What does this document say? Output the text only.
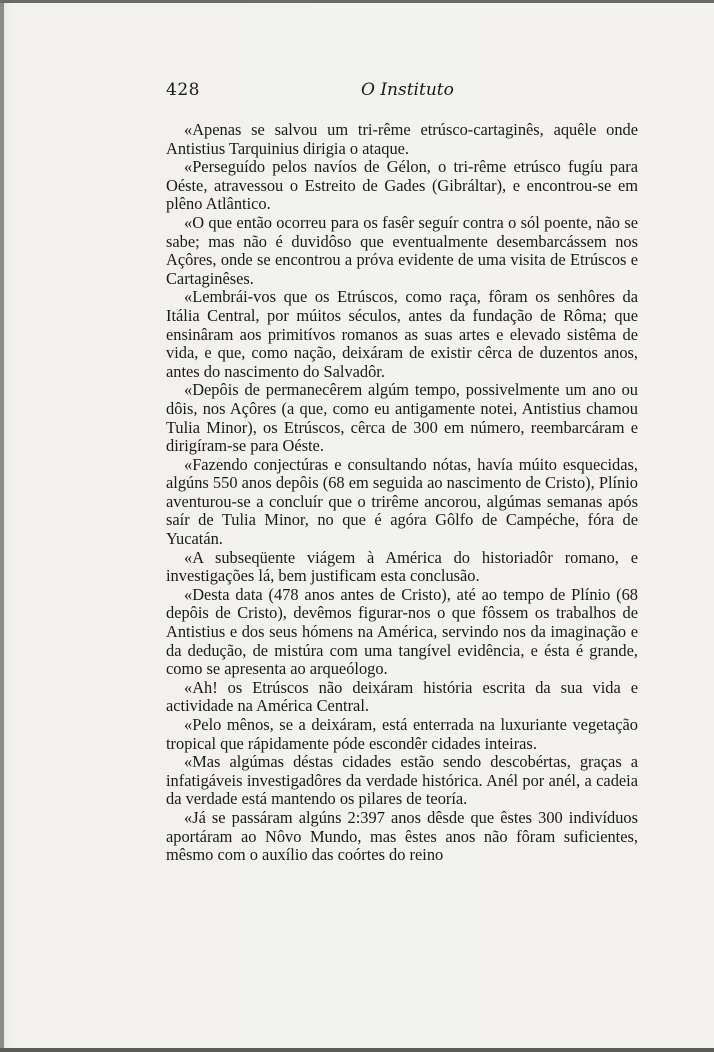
428	O Instituto

«Apenas se salvou um tri-rême etrúsco-cartaginês, aquêle onde Antistius Tarquinius dirigia o ataque.

«Perseguído pelos navíos de Gélon, o tri-rême etrúsco fugíu para Oéste, atravessou o Estreito de Gades (Gibráltar), e encontrou-se em plêno Atlântico.

«O que então ocorreu para os fasêr seguír contra o sól poente, não se sabe; mas não é duvidôso que eventualmente desembarcássem nos Açôres, onde se encontrou a próva evidente de uma visita de Etrúscos e Cartaginêses.

«Lembrái-vos que os Etrúscos, como raça, fôram os senhôres da Itália Central, por múitos séculos, antes da fundação de Rôma; que ensinâram aos primitívos romanos as suas artes e elevado sistêma de vida, e que, como nação, deixáram de existir cêrca de duzentos anos, antes do nascimento do Salvadôr.

«Depôis de permanecêrem algúm tempo, possivelmente um ano ou dôis, nos Açôres (a que, como eu antigamente notei, Antistius chamou Tulia Minor), os Etrúscos, cêrca de 300 em número, reembarcáram e dirigíram-se para Oéste.

«Fazendo conjectúras e consultando nótas, havía múito esquecidas, algúns 550 anos depôis (68 em seguida ao nascimento de Cristo), Plínio aventurou-se a concluír que o trirême ancorou, algúmas semanas após saír de Tulia Minor, no que é agóra Gôlfo de Campéche, fóra de Yucatán.

«A subseqüente viágem à América do historiadôr romano, e investigações lá, bem justificam esta conclusão.

«Desta data (478 anos antes de Cristo), até ao tempo de Plínio (68 depôis de Cristo), devêmos figurar-nos o que fôssem os trabalhos de Antistius e dos seus hómens na América, servindo nos da imaginação e da dedução, de mistúra com uma tangível evidência, e ésta é grande, como se apresenta ao arqueólogo.

«Ah! os Etrúscos não deixáram história escrita da sua vida e actividade na América Central.

«Pelo mênos, se a deixáram, está enterrada na luxuriante vegetação tropical que rápidamente póde escondêr cidades inteiras.

«Mas algúmas déstas cidades estão sendo descobértas, graças a infatigáveis investigadôres da verdade histórica. Anél por anél, a cadeia da verdade está mantendo os pilares de teoría.

«Já se passáram algúns 2:397 anos dêsde que êstes 300 indivíduos aportáram ao Nôvo Mundo, mas êstes anos não fôram suficientes, mêsmo com o auxílio das coórtes do reino
